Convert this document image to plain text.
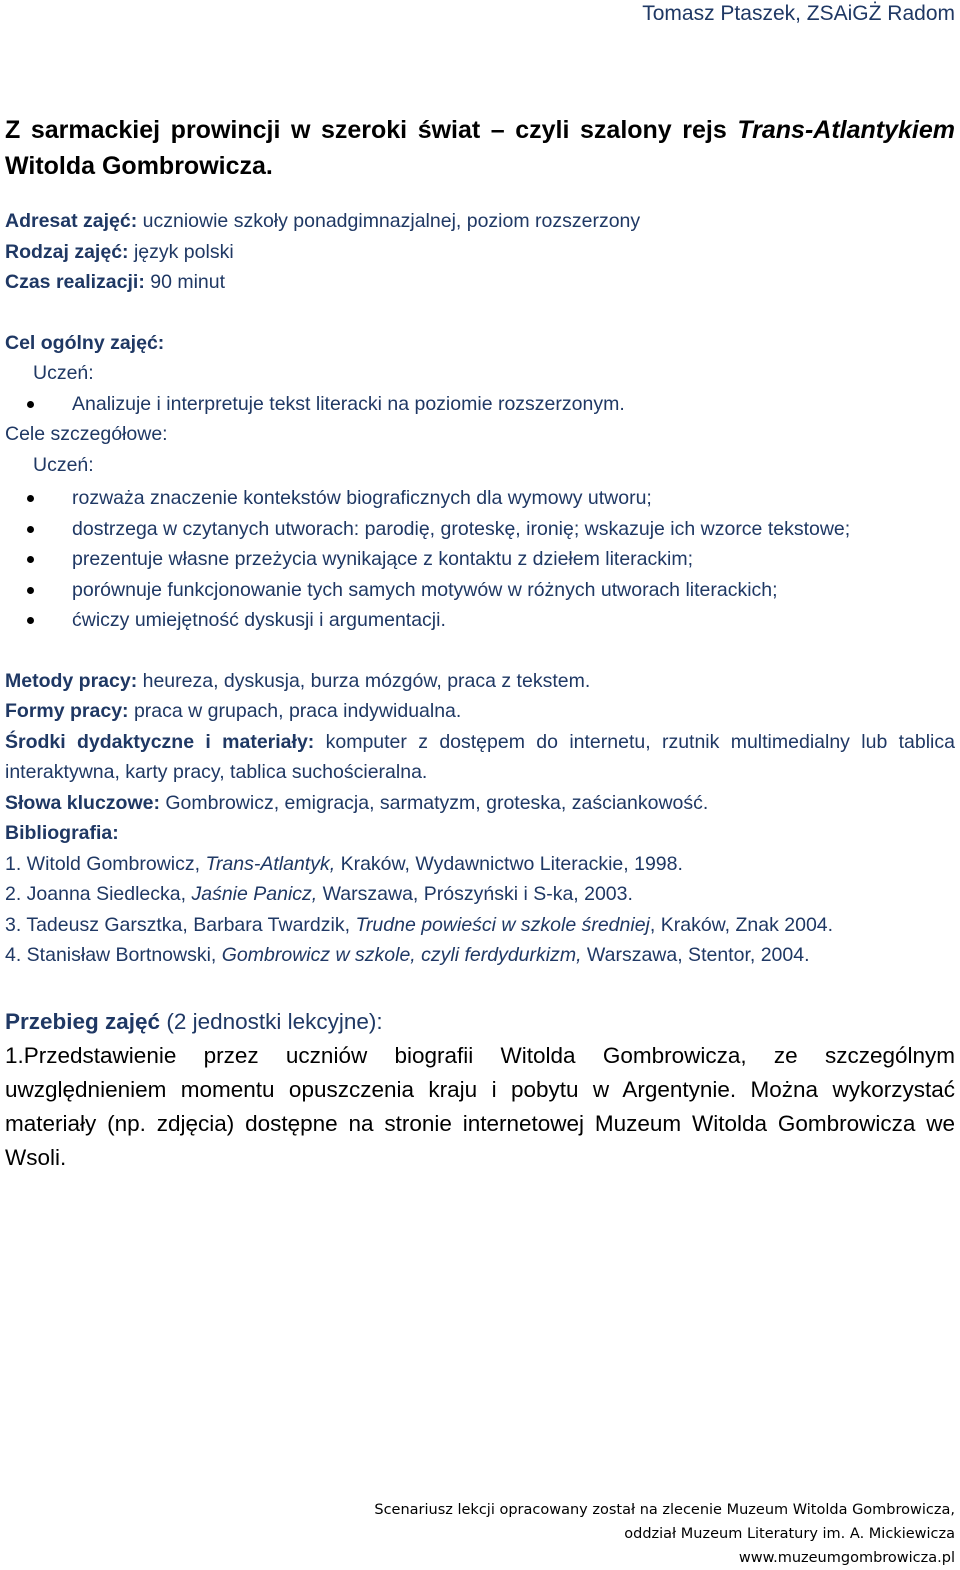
Tomasz Ptaszek, ZSAiGŻ Radom
Z sarmackiej prowincji w szeroki świat – czyli szalony rejs Trans-Atlantykiem Witolda Gombrowicza.

Adresat zajęć: uczniowie szkoły ponadgimnazjalnej, poziom rozszerzony

Rodzaj zajęć: język polski

Czas realizacji: 90 minut

Cel ogólny zajęć:

Uczeń:

Analizuje i interpretuje tekst literacki na poziomie rozszerzonym.

Cele szczegółowe:

Uczeń:

rozważa znaczenie kontekstów biograficznych dla wymowy utworu;
dostrzega w czytanych utworach: parodię, groteskę, ironię; wskazuje ich wzorce tekstowe;
prezentuje własne przeżycia wynikające z kontaktu z dziełem literackim;
porównuje funkcjonowanie tych samych motywów w różnych utworach literackich;
ćwiczy umiejętność dyskusji i argumentacji.

Metody pracy: heureza, dyskusja, burza mózgów, praca z tekstem.

Formy pracy: praca w grupach, praca indywidualna.

Środki dydaktyczne i materiały: komputer z dostępem do internetu, rzutnik multimedialny lub tablica interaktywna, karty pracy, tablica suchościeralna.

Słowa kluczowe: Gombrowicz, emigracja, sarmatyzm, groteska, zaściankowość.

Bibliografia:

1. Witold Gombrowicz, Trans-Atlantyk, Kraków, Wydawnictwo Literackie, 1998.

2. Joanna Siedlecka, Jaśnie Panicz, Warszawa, Prószyński i S-ka, 2003.

3. Tadeusz Garsztka, Barbara Twardzik, Trudne powieści w szkole średniej, Kraków, Znak 2004.

4. Stanisław Bortnowski, Gombrowicz w szkole, czyli ferdydurkizm, Warszawa, Stentor, 2004.

Przebieg zajęć (2 jednostki lekcyjne):

1.Przedstawienie przez uczniów biografii Witolda Gombrowicza, ze szczególnym uwzględnieniem momentu opuszczenia kraju i pobytu w Argentynie. Można wykorzystać materiały (np. zdjęcia) dostępne na stronie internetowej Muzeum Witolda Gombrowicza we Wsoli.

Scenariusz lekcji opracowany został na zlecenie Muzeum Witolda Gombrowicza,
oddział Muzeum Literatury im. A. Mickiewicza
www.muzeumgombrowicza.pl
